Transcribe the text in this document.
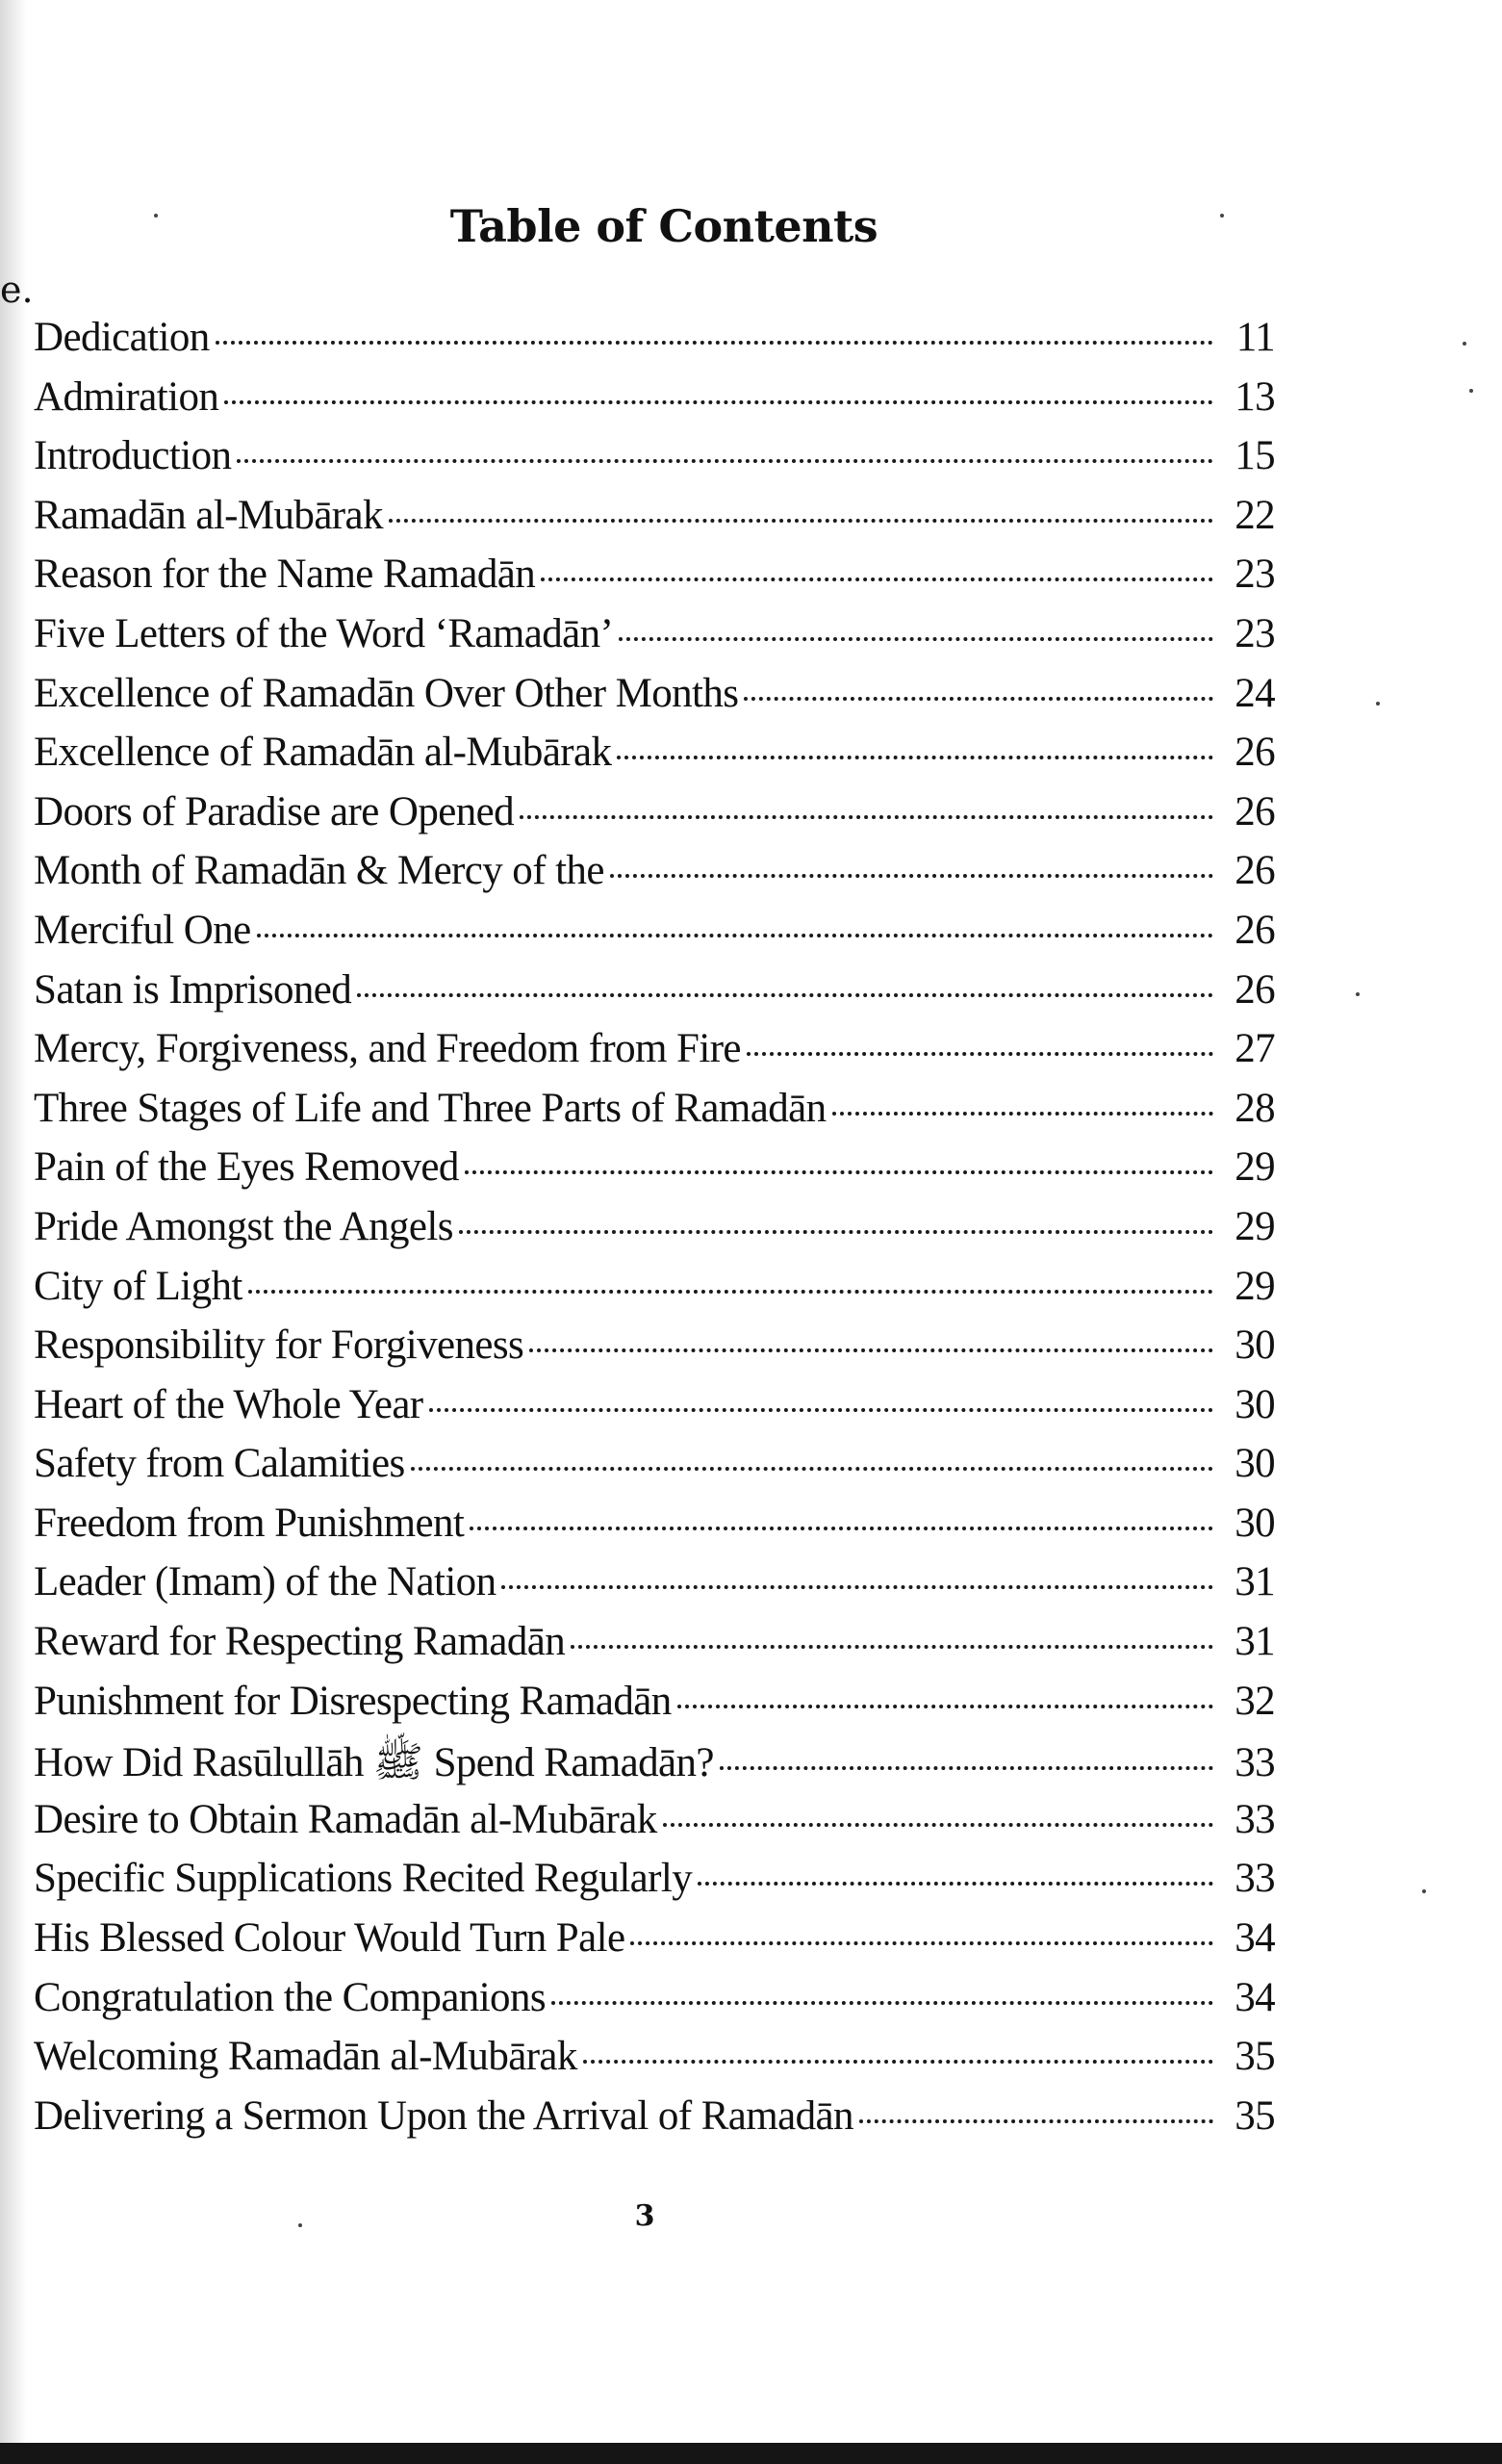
e.
Table of Contents
Dedication	11
Admiration	13
Introduction	15
Ramadān al-Mubārak	22
Reason for the Name Ramadān	23
Five Letters of the Word ‘Ramadān’	23
Excellence of Ramadān Over Other Months	24
Excellence of Ramadān al-Mubārak	26
Doors of Paradise are Opened	26
Month of Ramadān & Mercy of the	26
Merciful One	26
Satan is Imprisoned	26
Mercy, Forgiveness, and Freedom from Fire	27
Three Stages of Life and Three Parts of Ramadān	28
Pain of the Eyes Removed	29
Pride Amongst the Angels	29
City of Light	29
Responsibility for Forgiveness	30
Heart of the Whole Year	30
Safety from Calamities	30
Freedom from Punishment	30
Leader (Imam) of the Nation	31
Reward for Respecting Ramadān	31
Punishment for Disrespecting Ramadān	32
How Did Rasūlullāh ﷺ Spend Ramadān?	33
Desire to Obtain Ramadān al-Mubārak	33
Specific Supplications Recited Regularly	33
His Blessed Colour Would Turn Pale	34
Congratulation the Companions	34
Welcoming Ramadān al-Mubārak	35
Delivering a Sermon Upon the Arrival of Ramadān	35
3
